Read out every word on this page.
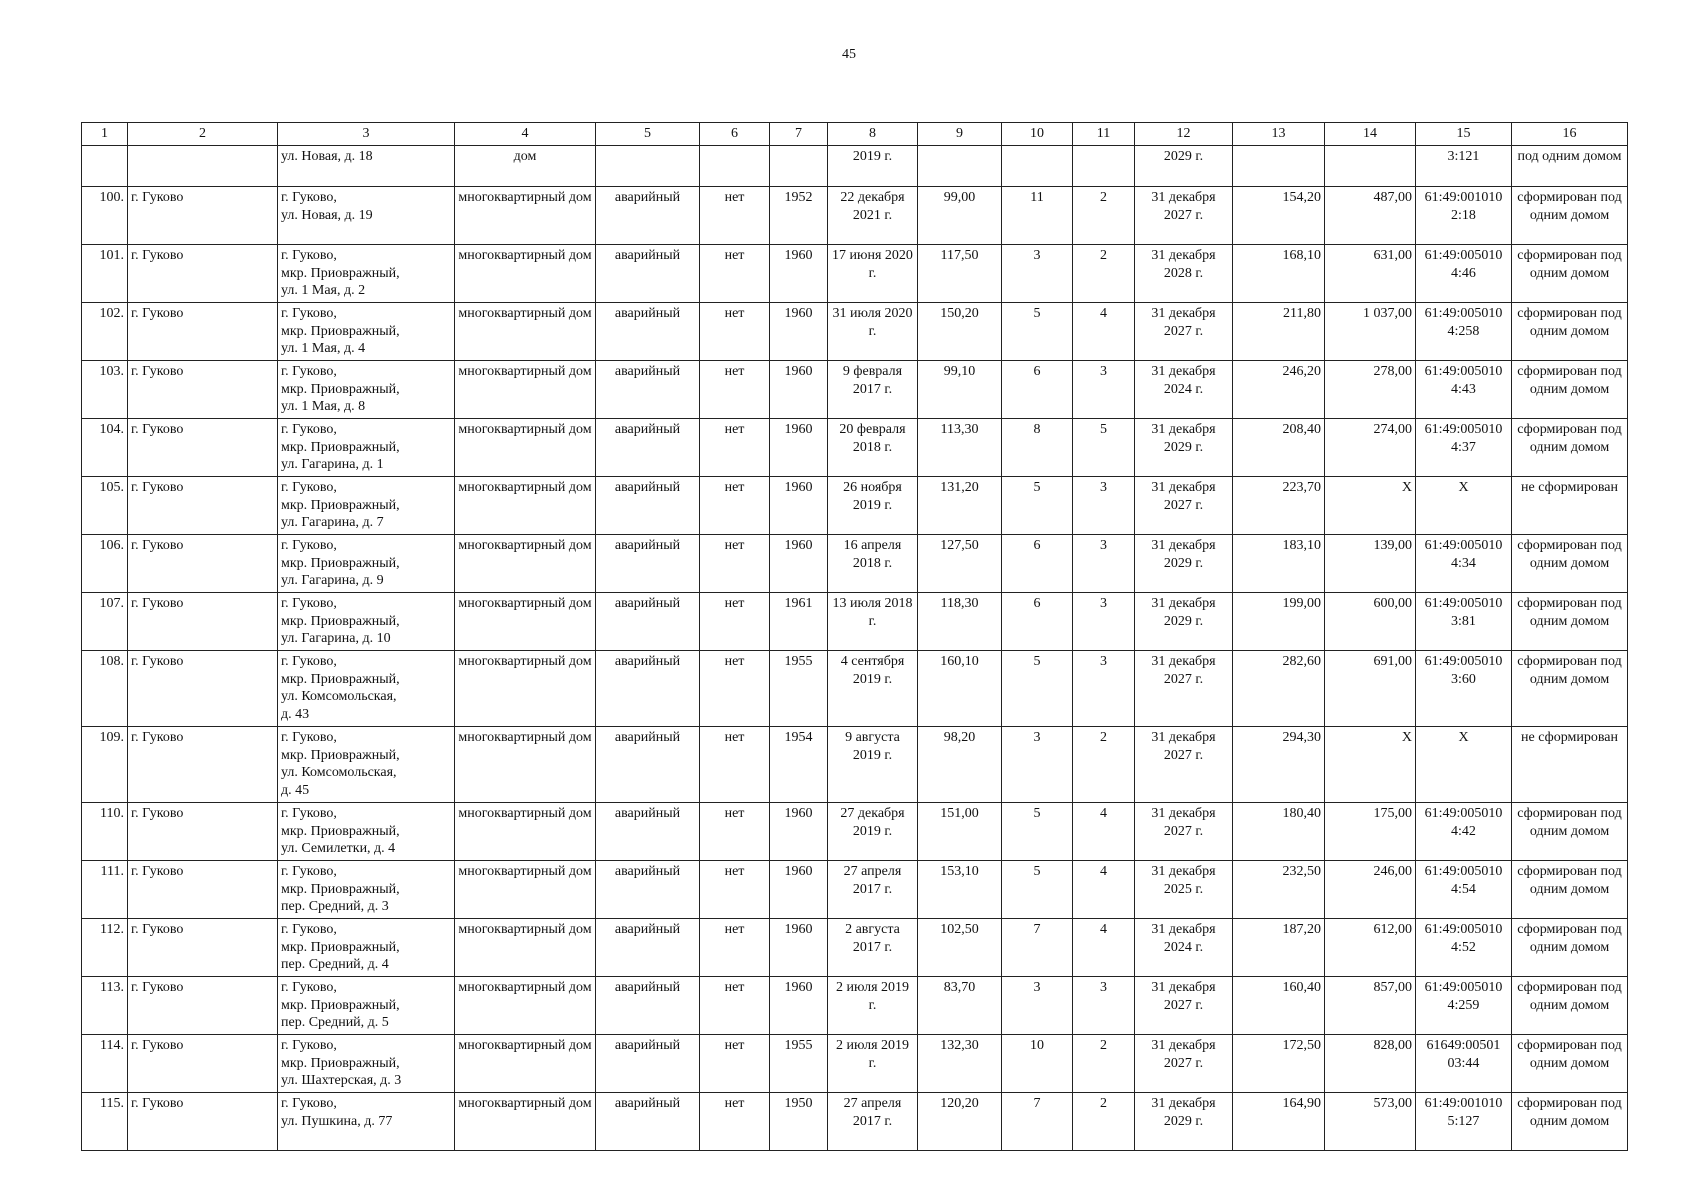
45
1	2	3	4	5	6	7	8	9	10	11	12	13	14	15	16
		ул. Новая, д. 18	дом				2019 г.				2029 г.			3:121	под одним домом
100.	г. Гуково	г. Гуково,
ул. Новая, д. 19	многоквартирный дом	аварийный	нет	1952	22 декабря 2021 г.	99,00	11	2	31 декабря 2027 г.	154,20	487,00	61:49:001010 2:18	сформирован под одним домом
101.	г. Гуково	г. Гуково,
мкр. Приовражный,
ул. 1 Мая, д. 2	многоквартирный дом	аварийный	нет	1960	17 июня 2020 г.	117,50	3	2	31 декабря 2028 г.	168,10	631,00	61:49:005010 4:46	сформирован под одним домом
102.	г. Гуково	г. Гуково,
мкр. Приовражный,
ул. 1 Мая, д. 4	многоквартирный дом	аварийный	нет	1960	31 июля 2020 г.	150,20	5	4	31 декабря 2027 г.	211,80	1 037,00	61:49:005010 4:258	сформирован под одним домом
103.	г. Гуково	г. Гуково,
мкр. Приовражный,
ул. 1 Мая, д. 8	многоквартирный дом	аварийный	нет	1960	9 февраля 2017 г.	99,10	6	3	31 декабря 2024 г.	246,20	278,00	61:49:005010 4:43	сформирован под одним домом
104.	г. Гуково	г. Гуково,
мкр. Приовражный,
ул. Гагарина, д. 1	многоквартирный дом	аварийный	нет	1960	20 февраля 2018 г.	113,30	8	5	31 декабря 2029 г.	208,40	274,00	61:49:005010 4:37	сформирован под одним домом
105.	г. Гуково	г. Гуково,
мкр. Приовражный,
ул. Гагарина, д. 7	многоквартирный дом	аварийный	нет	1960	26 ноября 2019 г.	131,20	5	3	31 декабря 2027 г.	223,70	X	X	не сформирован
106.	г. Гуково	г. Гуково,
мкр. Приовражный,
ул. Гагарина, д. 9	многоквартирный дом	аварийный	нет	1960	16 апреля 2018 г.	127,50	6	3	31 декабря 2029 г.	183,10	139,00	61:49:005010 4:34	сформирован под одним домом
107.	г. Гуково	г. Гуково,
мкр. Приовражный,
ул. Гагарина, д. 10	многоквартирный дом	аварийный	нет	1961	13 июля 2018 г.	118,30	6	3	31 декабря 2029 г.	199,00	600,00	61:49:005010 3:81	сформирован под одним домом
108.	г. Гуково	г. Гуково,
мкр. Приовражный,
ул. Комсомольская,
д. 43	многоквартирный дом	аварийный	нет	1955	4 сентября 2019 г.	160,10	5	3	31 декабря 2027 г.	282,60	691,00	61:49:005010 3:60	сформирован под одним домом
109.	г. Гуково	г. Гуково,
мкр. Приовражный,
ул. Комсомольская,
д. 45	многоквартирный дом	аварийный	нет	1954	9 августа 2019 г.	98,20	3	2	31 декабря 2027 г.	294,30	X	X	не сформирован
110.	г. Гуково	г. Гуково,
мкр. Приовражный,
ул. Семилетки, д. 4	многоквартирный дом	аварийный	нет	1960	27 декабря 2019 г.	151,00	5	4	31 декабря 2027 г.	180,40	175,00	61:49:005010 4:42	сформирован под одним домом
111.	г. Гуково	г. Гуково,
мкр. Приовражный,
пер. Средний, д. 3	многоквартирный дом	аварийный	нет	1960	27 апреля 2017 г.	153,10	5	4	31 декабря 2025 г.	232,50	246,00	61:49:005010 4:54	сформирован под одним домом
112.	г. Гуково	г. Гуково,
мкр. Приовражный,
пер. Средний, д. 4	многоквартирный дом	аварийный	нет	1960	2 августа 2017 г.	102,50	7	4	31 декабря 2024 г.	187,20	612,00	61:49:005010 4:52	сформирован под одним домом
113.	г. Гуково	г. Гуково,
мкр. Приовражный,
пер. Средний, д. 5	многоквартирный дом	аварийный	нет	1960	2 июля 2019 г.	83,70	3	3	31 декабря 2027 г.	160,40	857,00	61:49:005010 4:259	сформирован под одним домом
114.	г. Гуково	г. Гуково,
мкр. Приовражный,
ул. Шахтерская, д. 3	многоквартирный дом	аварийный	нет	1955	2 июля 2019 г.	132,30	10	2	31 декабря 2027 г.	172,50	828,00	61649:00501 03:44	сформирован под одним домом
115.	г. Гуково	г. Гуково,
ул. Пушкина, д. 77	многоквартирный дом	аварийный	нет	1950	27 апреля 2017 г.	120,20	7	2	31 декабря 2029 г.	164,90	573,00	61:49:001010 5:127	сформирован под одним домом
